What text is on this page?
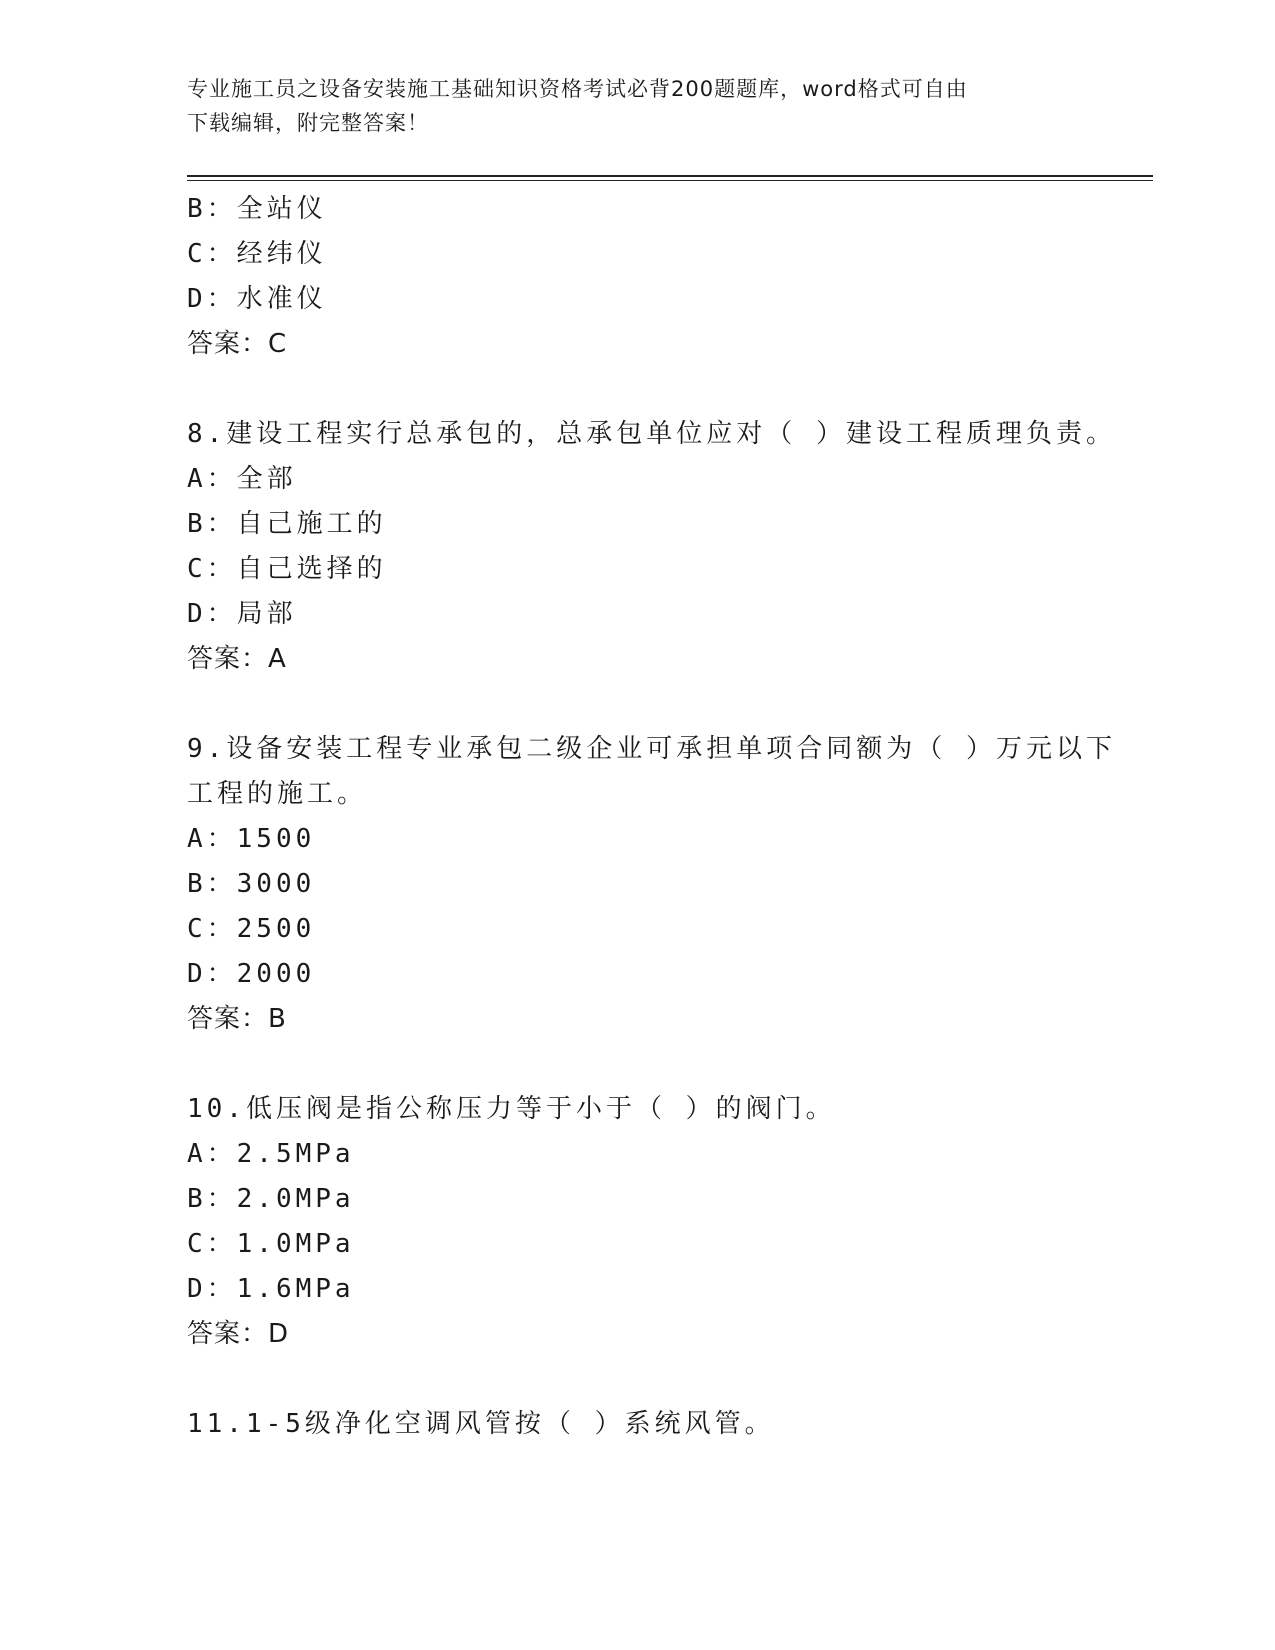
专业施工员之设备安装施工基础知识资格考试必背200题题库，word格式可自由
下载编辑，附完整答案！
B：全站仪
C：经纬仪
D：水准仪
答案：C
8.建设工程实行总承包的，总承包单位应对（ ）建设工程质理负责。
A：全部
B：自己施工的
C：自己选择的
D：局部
答案：A
9.设备安装工程专业承包二级企业可承担单项合同额为（ ）万元以下
工程的施工。
A：1500
B：3000
C：2500
D：2000
答案：B
10.低压阀是指公称压力等于小于（ ）的阀门。
A：2.5MPa
B：2.0MPa
C：1.0MPa
D：1.6MPa
答案：D
11.1-5级净化空调风管按（ ）系统风管。
